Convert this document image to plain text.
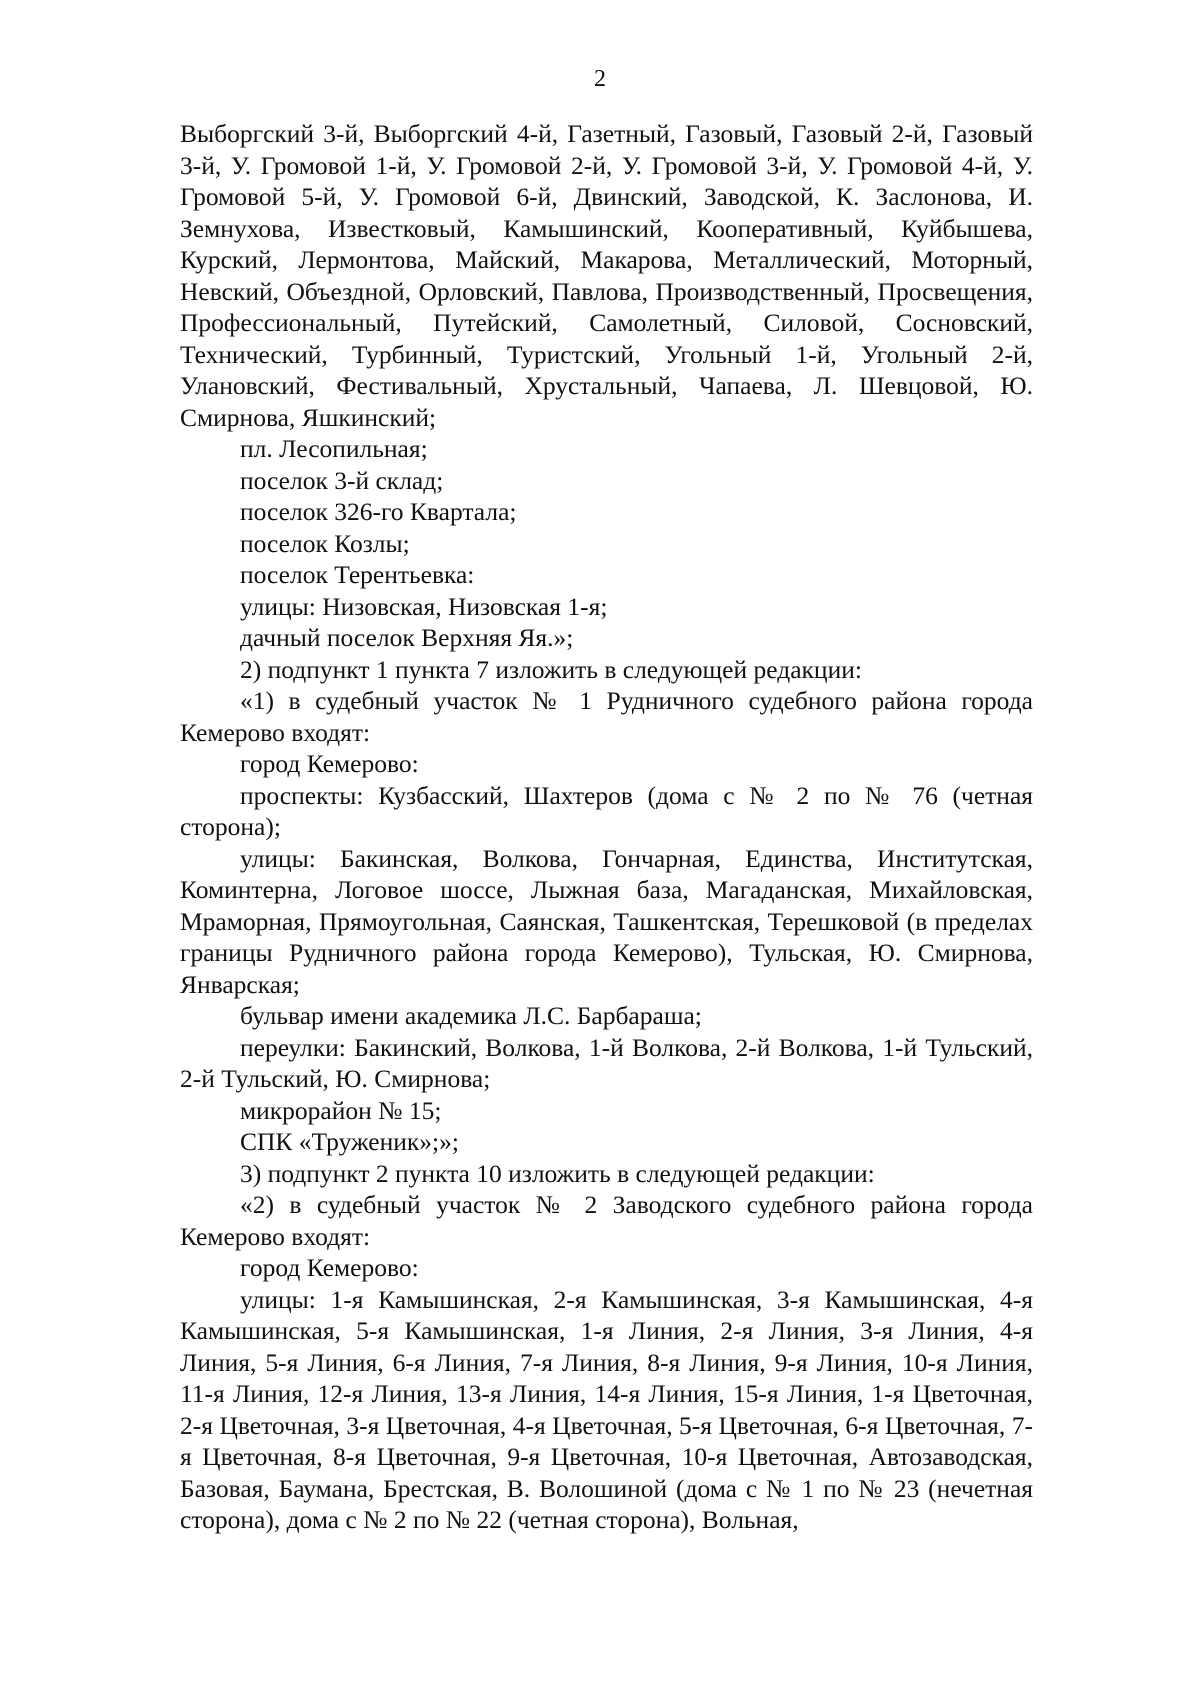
2

Выборгский 3-й, Выборгский 4-й, Газетный, Газовый, Газовый 2-й, Газовый 3-й, У. Громовой 1-й, У. Громовой 2-й, У. Громовой 3-й, У. Громовой 4-й, У. Громовой 5-й, У. Громовой 6-й, Двинский, Заводской, К. Заслонова, И. Земнухова, Известковый, Камышинский, Кооперативный, Куйбышева, Курский, Лермонтова, Майский, Макарова, Металлический, Моторный, Невский, Объездной, Орловский, Павлова, Производственный, Просвещения, Профессиональный, Путейский, Самолетный, Силовой, Сосновский, Технический, Турбинный, Туристский, Угольный 1-й, Угольный 2-й, Улановский, Фестивальный, Хрустальный, Чапаева, Л. Шевцовой, Ю. Смирнова, Яшкинский;

пл. Лесопильная;

поселок 3-й склад;

поселок 326-го Квартала;

поселок Козлы;

поселок Терентьевка:

улицы: Низовская, Низовская 1-я;

дачный поселок Верхняя Яя.»;

2) подпункт 1 пункта 7 изложить в следующей редакции:

«1) в судебный участок № 1 Рудничного судебного района города Кемерово входят:

город Кемерово:

проспекты: Кузбасский, Шахтеров (дома с № 2 по № 76 (четная сторона);

улицы: Бакинская, Волкова, Гончарная, Единства, Институтская, Коминтерна, Логовое шоссе, Лыжная база, Магаданская, Михайловская, Мраморная, Прямоугольная, Саянская, Ташкентская, Терешковой (в пределах границы Рудничного района города Кемерово), Тульская, Ю. Смирнова, Январская;

бульвар имени академика Л.С. Барбараша;

переулки: Бакинский, Волкова, 1-й Волкова, 2-й Волкова, 1-й Тульский, 2-й Тульский, Ю. Смирнова;

микрорайон № 15;

СПК «Труженик»;»;

3) подпункт 2 пункта 10 изложить в следующей редакции:

«2) в судебный участок № 2 Заводского судебного района города Кемерово входят:

город Кемерово:

улицы: 1-я Камышинская, 2-я Камышинская, 3-я Камышинская, 4-я Камышинская, 5-я Камышинская, 1-я Линия, 2-я Линия, 3-я Линия, 4-я Линия, 5-я Линия, 6-я Линия, 7-я Линия, 8-я Линия, 9-я Линия, 10-я Линия, 11-я Линия, 12-я Линия, 13-я Линия, 14-я Линия, 15-я Линия, 1-я Цветочная, 2-я Цветочная, 3-я Цветочная, 4-я Цветочная, 5-я Цветочная, 6-я Цветочная, 7-я Цветочная, 8-я Цветочная, 9-я Цветочная, 10-я Цветочная, Автозаводская, Базовая, Баумана, Брестская, В. Волошиной (дома с № 1 по № 23 (нечетная сторона), дома с № 2 по № 22 (четная сторона), Вольная,
